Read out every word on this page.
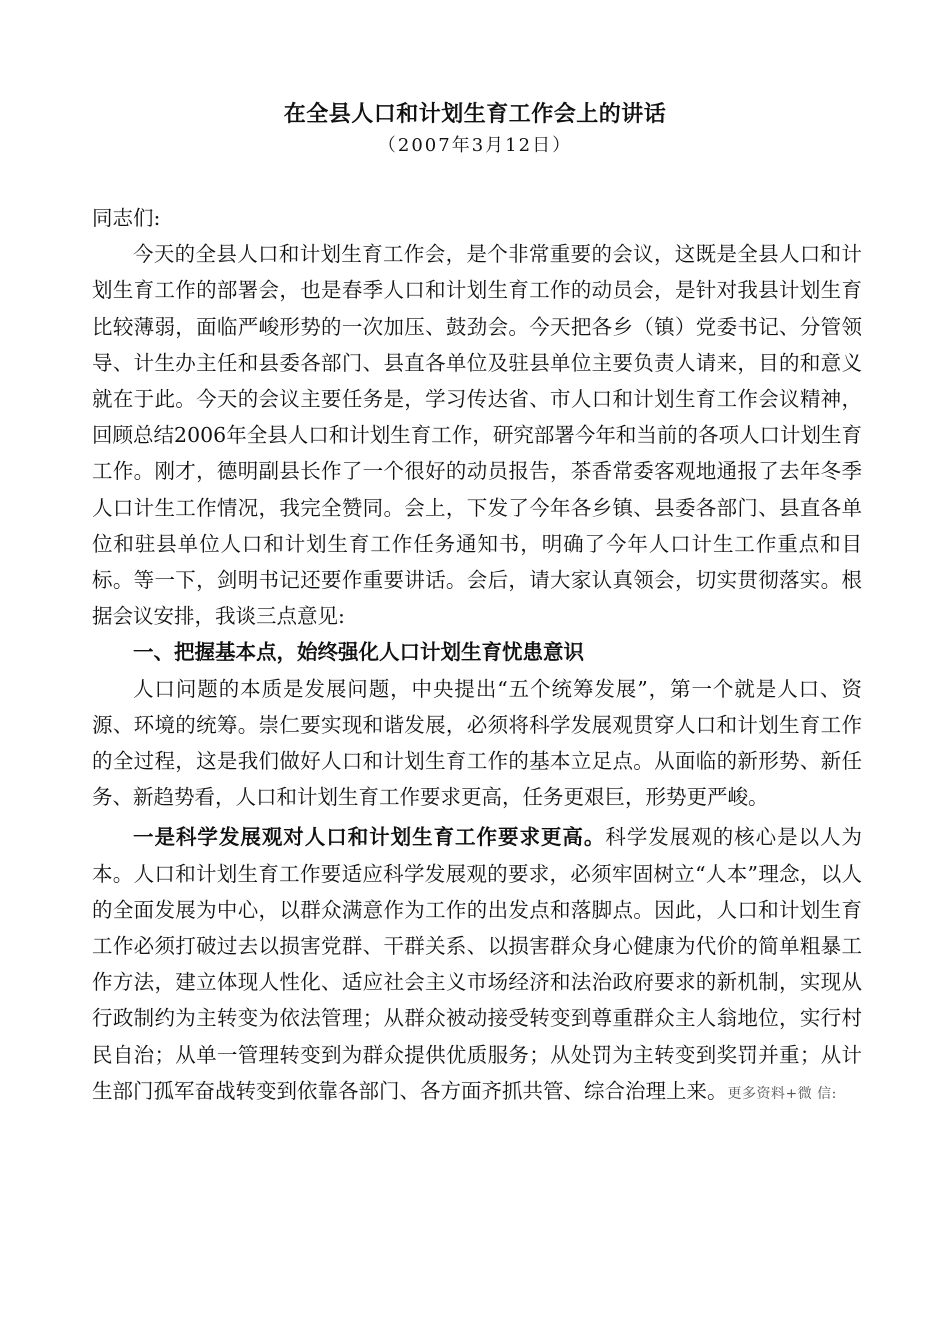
在全县人口和计划生育工作会上的讲话
（2007年3月12日）

同志们:

今天的全县人口和计划生育工作会，是个非常重要的会议，这既是全县人口和计划生育工作的部署会，也是春季人口和计划生育工作的动员会，是针对我县计划生育比较薄弱，面临严峻形势的一次加压、鼓劲会。今天把各乡（镇）党委书记、分管领导、计生办主任和县委各部门、县直各单位及驻县单位主要负责人请来，目的和意义就在于此。今天的会议主要任务是，学习传达省、市人口和计划生育工作会议精神，回顾总结2006年全县人口和计划生育工作，研究部署今年和当前的各项人口计划生育工作。刚才，德明副县长作了一个很好的动员报告，茶香常委客观地通报了去年冬季人口计生工作情况，我完全赞同。会上，下发了今年各乡镇、县委各部门、县直各单位和驻县单位人口和计划生育工作任务通知书，明确了今年人口计生工作重点和目标。等一下，剑明书记还要作重要讲话。会后，请大家认真领会，切实贯彻落实。根据会议安排，我谈三点意见:

一、把握基本点，始终强化人口计划生育忧患意识

人口问题的本质是发展问题，中央提出“五个统筹发展”，第一个就是人口、资源、环境的统筹。崇仁要实现和谐发展，必须将科学发展观贯穿人口和计划生育工作的全过程，这是我们做好人口和计划生育工作的基本立足点。从面临的新形势、新任务、新趋势看，人口和计划生育工作要求更高，任务更艰巨，形势更严峻。

一是科学发展观对人口和计划生育工作要求更高。科学发展观的核心是以人为本。人口和计划生育工作要适应科学发展观的要求，必须牢固树立“人本”理念，以人的全面发展为中心，以群众满意作为工作的出发点和落脚点。因此，人口和计划生育工作必须打破过去以损害党群、干群关系、以损害群众身心健康为代价的简单粗暴工作方法，建立体现人性化、适应社会主义市场经济和法治政府要求的新机制，实现从行政制约为主转变为依法管理；从群众被动接受转变到尊重群众主人翁地位，实行村民自治；从单一管理转变到为群众提供优质服务；从处罚为主转变到奖罚并重；从计生部门孤军奋战转变到依靠各部门、各方面齐抓共管、综合治理上来。更多资料+微 信:
